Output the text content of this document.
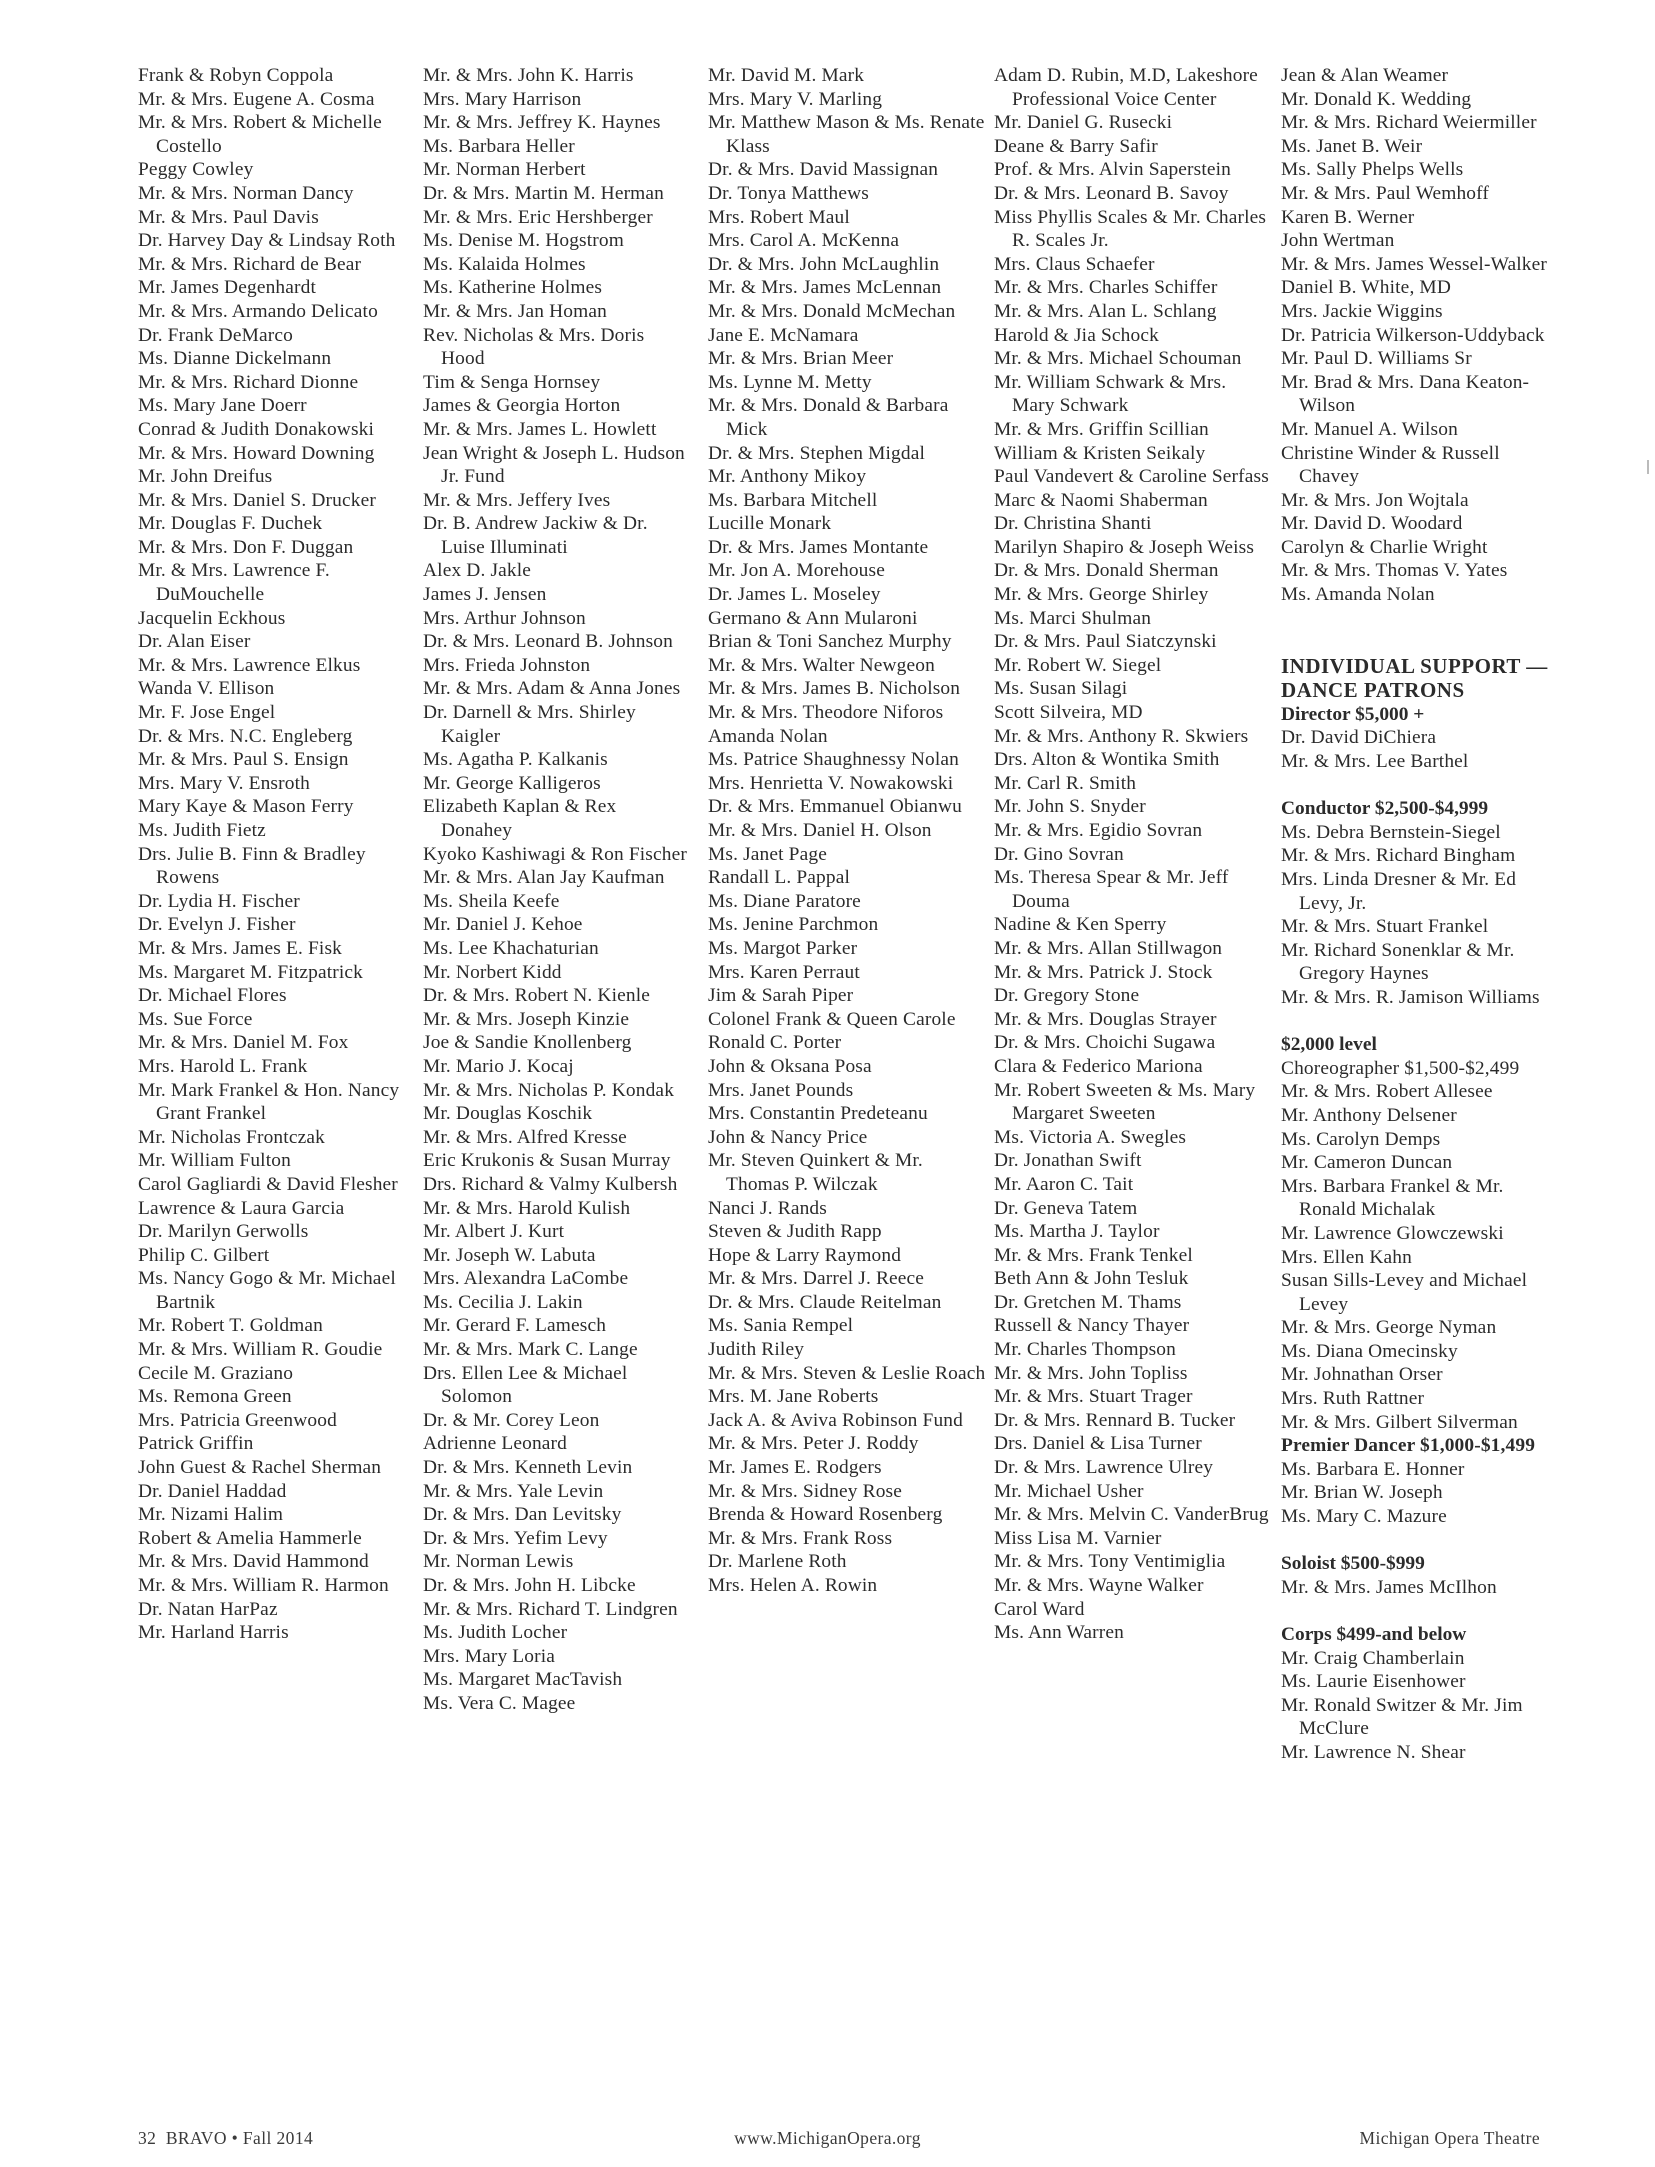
Frank & Robyn Coppola
Mr. & Mrs. Eugene A. Cosma
Mr. & Mrs. Robert & Michelle Costello
Peggy Cowley
Mr. & Mrs. Norman Dancy
Mr. & Mrs. Paul Davis
Dr. Harvey Day & Lindsay Roth
Mr. & Mrs. Richard de Bear
Mr. James Degenhardt
Mr. & Mrs. Armando Delicato
Dr. Frank DeMarco
Ms. Dianne Dickelmann
Mr. & Mrs. Richard Dionne
Ms. Mary Jane Doerr
Conrad & Judith Donakowski
Mr. & Mrs. Howard Downing
Mr. John Dreifus
Mr. & Mrs. Daniel S. Drucker
Mr. Douglas F. Duchek
Mr. & Mrs. Don F. Duggan
Mr. & Mrs. Lawrence F. DuMouchelle
Jacquelin Eckhous
Dr. Alan Eiser
Mr. & Mrs. Lawrence Elkus
Wanda V. Ellison
Mr. F. Jose Engel
Dr. & Mrs. N.C. Engleberg
Mr. & Mrs. Paul S. Ensign
Mrs. Mary V. Ensroth
Mary Kaye & Mason Ferry
Ms. Judith Fietz
Drs. Julie B. Finn & Bradley Rowens
Dr. Lydia H. Fischer
Dr. Evelyn J. Fisher
Mr. & Mrs. James E. Fisk
Ms. Margaret M. Fitzpatrick
Dr. Michael Flores
Ms. Sue Force
Mr. & Mrs. Daniel M. Fox
Mrs. Harold L. Frank
Mr. Mark Frankel & Hon. Nancy Grant Frankel
Mr. Nicholas Frontczak
Mr. William Fulton
Carol Gagliardi & David Flesher
Lawrence & Laura Garcia
Dr. Marilyn Gerwolls
Philip C. Gilbert
Ms. Nancy Gogo & Mr. Michael Bartnik
Mr. Robert T. Goldman
Mr. & Mrs. William R. Goudie
Cecile M. Graziano
Ms. Remona Green
Mrs. Patricia Greenwood
Patrick Griffin
John Guest & Rachel Sherman
Dr. Daniel Haddad
Mr. Nizami Halim
Robert & Amelia Hammerle
Mr. & Mrs. David Hammond
Mr. & Mrs. William R. Harmon
Dr. Natan HarPaz
Mr. Harland Harris
Mr. & Mrs. John K. Harris
Mrs. Mary Harrison
Mr. & Mrs. Jeffrey K. Haynes
Ms. Barbara Heller
Mr. Norman Herbert
Dr. & Mrs. Martin M. Herman
Mr. & Mrs. Eric Hershberger
Ms. Denise M. Hogstrom
Ms. Kalaida Holmes
Ms. Katherine Holmes
Mr. & Mrs. Jan Homan
Rev. Nicholas & Mrs. Doris Hood
Tim & Senga Hornsey
James & Georgia Horton
Mr. & Mrs. James L. Howlett
Jean Wright & Joseph L. Hudson Jr. Fund
Mr. & Mrs. Jeffery Ives
Dr. B. Andrew Jackiw & Dr. Luise Illuminati
Alex D. Jakle
James J. Jensen
Mrs. Arthur Johnson
Dr. & Mrs. Leonard B. Johnson
Mrs. Frieda Johnston
Mr. & Mrs. Adam & Anna Jones
Dr. Darnell & Mrs. Shirley Kaigler
Ms. Agatha P. Kalkanis
Mr. George Kalligeros
Elizabeth Kaplan & Rex Donahey
Kyoko Kashiwagi & Ron Fischer
Mr. & Mrs. Alan Jay Kaufman
Ms. Sheila Keefe
Mr. Daniel J. Kehoe
Ms. Lee Khachaturian
Mr. Norbert Kidd
Dr. & Mrs. Robert N. Kienle
Mr. & Mrs. Joseph Kinzie
Joe & Sandie Knollenberg
Mr. Mario J. Kocaj
Mr. & Mrs. Nicholas P. Kondak
Mr. Douglas Koschik
Mr. & Mrs. Alfred Kresse
Eric Krukonis & Susan Murray
Drs. Richard & Valmy Kulbersh
Mr. & Mrs. Harold Kulish
Mr. Albert J. Kurt
Mr. Joseph W. Labuta
Mrs. Alexandra LaCombe
Ms. Cecilia J. Lakin
Mr. Gerard F. Lamesch
Mr. & Mrs. Mark C. Lange
Drs. Ellen Lee & Michael Solomon
Dr. & Mr. Corey Leon
Adrienne Leonard
Dr. & Mrs. Kenneth Levin
Mr. & Mrs. Yale Levin
Dr. & Mrs. Dan Levitsky
Dr. & Mrs. Yefim Levy
Mr. Norman Lewis
Dr. & Mrs. John H. Libcke
Mr. & Mrs. Richard T. Lindgren
Ms. Judith Locher
Mrs. Mary Loria
Ms. Margaret MacTavish
Ms. Vera C. Magee
Mr. David M. Mark
Mrs. Mary V. Marling
Mr. Matthew Mason & Ms. Renate Klass
Dr. & Mrs. David Massignan
Dr. Tonya Matthews
Mrs. Robert Maul
Mrs. Carol A. McKenna
Dr. & Mrs. John McLaughlin
Mr. & Mrs. James McLennan
Mr. & Mrs. Donald McMechan
Jane E. McNamara
Mr. & Mrs. Brian Meer
Ms. Lynne M. Metty
Mr. & Mrs. Donald & Barbara Mick
Dr. & Mrs. Stephen Migdal
Mr. Anthony Mikoy
Ms. Barbara Mitchell
Lucille Monark
Dr. & Mrs. James Montante
Mr. Jon A. Morehouse
Dr. James L. Moseley
Germano & Ann Mularoni
Brian & Toni Sanchez Murphy
Mr. & Mrs. Walter Newgeon
Mr. & Mrs. James B. Nicholson
Mr. & Mrs. Theodore Niforos
Amanda Nolan
Ms. Patrice Shaughnessy Nolan
Mrs. Henrietta V. Nowakowski
Dr. & Mrs. Emmanuel Obianwu
Mr. & Mrs. Daniel H. Olson
Ms. Janet Page
Randall L. Pappal
Ms. Diane Paratore
Ms. Jenine Parchmon
Ms. Margot Parker
Mrs. Karen Perraut
Jim & Sarah Piper
Colonel Frank & Queen Carole
Ronald C. Porter
John & Oksana Posa
Mrs. Janet Pounds
Mrs. Constantin Predeteanu
John & Nancy Price
Mr. Steven Quinkert & Mr. Thomas P. Wilczak
Nanci J. Rands
Steven & Judith Rapp
Hope & Larry Raymond
Mr. & Mrs. Darrel J. Reece
Dr. & Mrs. Claude Reitelman
Ms. Sania Rempel
Judith Riley
Mr. & Mrs. Steven & Leslie Roach
Mrs. M. Jane Roberts
Jack A. & Aviva Robinson Fund
Mr. & Mrs. Peter J. Roddy
Mr. James E. Rodgers
Mr. & Mrs. Sidney Rose
Brenda & Howard Rosenberg
Mr. & Mrs. Frank Ross
Dr. Marlene Roth
Mrs. Helen A. Rowin
Adam D. Rubin, M.D, Lakeshore Professional Voice Center
Mr. Daniel G. Rusecki
Deane & Barry Safir
Prof. & Mrs. Alvin Saperstein
Dr. & Mrs. Leonard B. Savoy
Miss Phyllis Scales & Mr. Charles R. Scales Jr.
Mrs. Claus Schaefer
Mr. & Mrs. Charles Schiffer
Mr. & Mrs. Alan L. Schlang
Harold & Jia Schock
Mr. & Mrs. Michael Schouman
Mr. William Schwark & Mrs. Mary Schwark
Mr. & Mrs. Griffin Scillian
William & Kristen Seikaly
Paul Vandevert & Caroline Serfass
Marc & Naomi Shaberman
Dr. Christina Shanti
Marilyn Shapiro & Joseph Weiss
Dr. & Mrs. Donald Sherman
Mr. & Mrs. George Shirley
Ms. Marci Shulman
Dr. & Mrs. Paul Siatczynski
Mr. Robert W. Siegel
Ms. Susan Silagi
Scott Silveira, MD
Mr. & Mrs. Anthony R. Skwiers
Drs. Alton & Wontika Smith
Mr. Carl R. Smith
Mr. John S. Snyder
Mr. & Mrs. Egidio Sovran
Dr. Gino Sovran
Ms. Theresa Spear & Mr. Jeff Douma
Nadine & Ken Sperry
Mr. & Mrs. Allan Stillwagon
Mr. & Mrs. Patrick J. Stock
Dr. Gregory Stone
Mr. & Mrs. Douglas Strayer
Dr. & Mrs. Choichi Sugawa
Clara & Federico Mariona
Mr. Robert Sweeten & Ms. Mary Margaret Sweeten
Ms. Victoria A. Swegles
Dr. Jonathan Swift
Mr. Aaron C. Tait
Dr. Geneva Tatem
Ms. Martha J. Taylor
Mr. & Mrs. Frank Tenkel
Beth Ann & John Tesluk
Dr. Gretchen M. Thams
Russell & Nancy Thayer
Mr. Charles Thompson
Mr. & Mrs. John Topliss
Mr. & Mrs. Stuart Trager
Dr. & Mrs. Rennard B. Tucker
Drs. Daniel & Lisa Turner
Dr. & Mrs. Lawrence Ulrey
Mr. Michael Usher
Mr. & Mrs. Melvin C. VanderBrug
Miss Lisa M. Varnier
Mr. & Mrs. Tony Ventimiglia
Mr. & Mrs. Wayne Walker
Carol Ward
Ms. Ann Warren
Jean & Alan Weamer
Mr. Donald K. Wedding
Mr. & Mrs. Richard Weiermiller
Ms. Janet B. Weir
Ms. Sally Phelps Wells
Mr. & Mrs. Paul Wemhoff
Karen B. Werner
John Wertman
Mr. & Mrs. James Wessel-Walker
Daniel B. White, MD
Mrs. Jackie Wiggins
Dr. Patricia Wilkerson-Uddyback
Mr. Paul D. Williams Sr
Mr. Brad & Mrs. Dana Keaton-Wilson
Mr. Manuel A. Wilson
Christine Winder & Russell Chavey
Mr. & Mrs. Jon Wojtala
Mr. David D. Woodard
Carolyn & Charlie Wright
Mr. & Mrs. Thomas V. Yates
Ms. Amanda Nolan
INDIVIDUAL SUPPORT — DANCE PATRONS
Director $5,000 +
Dr. David DiChiera
Mr. & Mrs. Lee Barthel
Conductor $2,500-$4,999
Ms. Debra Bernstein-Siegel
Mr. & Mrs. Richard Bingham
Mrs. Linda Dresner & Mr. Ed Levy, Jr.
Mr. & Mrs. Stuart Frankel
Mr. Richard Sonenklar & Mr. Gregory Haynes
Mr. & Mrs. R. Jamison Williams
$2,000 level
Choreographer $1,500-$2,499
Mr. & Mrs. Robert Allesee
Mr. Anthony Delsener
Ms. Carolyn Demps
Mr. Cameron Duncan
Mrs. Barbara Frankel & Mr. Ronald Michalak
Mr. Lawrence Glowczewski
Mrs. Ellen Kahn
Susan Sills-Levey and Michael Levey
Mr. & Mrs. George Nyman
Ms. Diana Omecinsky
Mr. Johnathan Orser
Mrs. Ruth Rattner
Mr. & Mrs. Gilbert Silverman
Premier Dancer $1,000-$1,499
Ms. Barbara E. Honner
Mr. Brian W. Joseph
Ms. Mary C. Mazure
Soloist $500-$999
Mr. & Mrs. James McIlhon
Corps $499-and below
Mr. Craig Chamberlain
Ms. Laurie Eisenhower
Mr. Ronald Switzer & Mr. Jim McClure
Mr. Lawrence N. Shear
32  BRAVO • Fall 2014	www.MichiganOpera.org	Michigan Opera Theatre
